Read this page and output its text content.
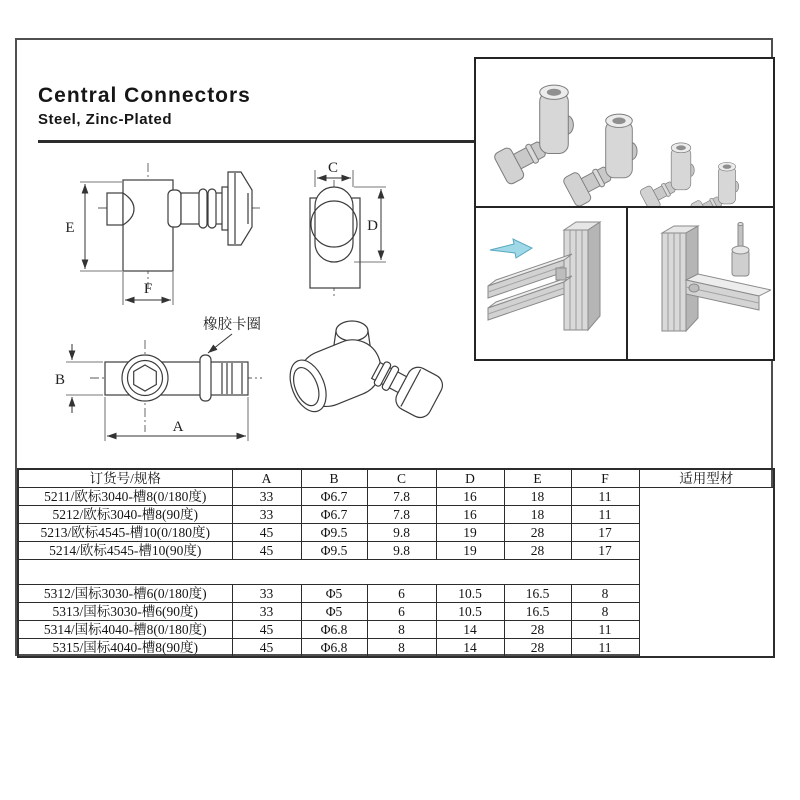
Central Connectors
Steel, Zinc-Plated
E
F
C
D
橡胶卡圈
B
A
订货号/规格	A	B	C	D	E	F	适用型材
5211/欧标3040-槽8(0/180度)	33	Φ6.7	7.8	16	18	11	
5212/欧标3040-槽8(90度)	33	Φ6.7	7.8	16	18	11	
5213/欧标4545-槽10(0/180度)	45	Φ9.5	9.8	19	28	17	
5214/欧标4545-槽10(90度)	45	Φ9.5	9.8	19	28	17	

5312/国标3030-槽6(0/180度)	33	Φ5	6	10.5	16.5	8	
5313/国标3030-槽6(90度)	33	Φ5	6	10.5	16.5	8	
5314/国标4040-槽8(0/180度)	45	Φ6.8	8	14	28	11	
5315/国标4040-槽8(90度)	45	Φ6.8	8	14	28	11	
